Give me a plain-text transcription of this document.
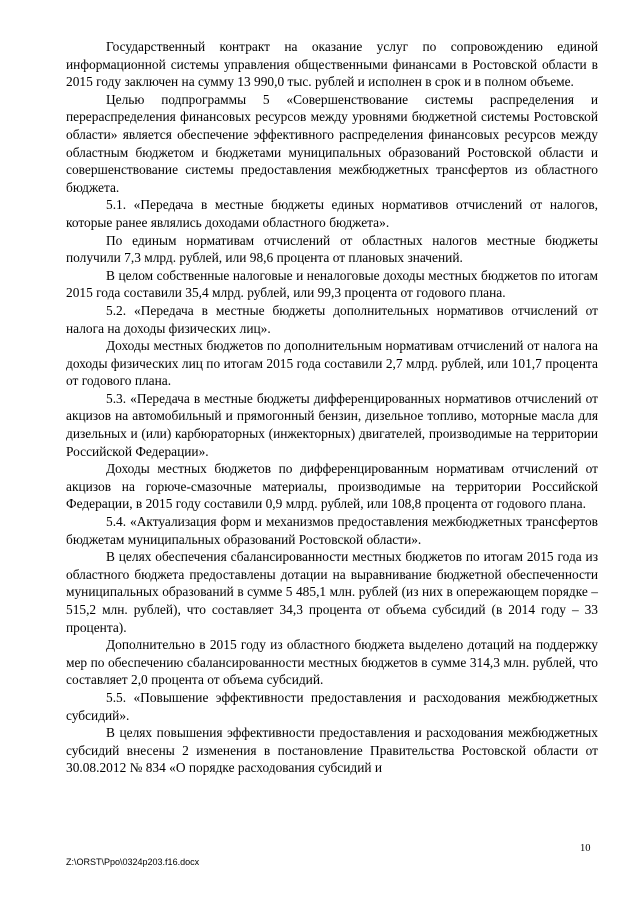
Государственный контракт на оказание услуг по сопровождению единой информационной системы управления общественными финансами в Ростовской области в 2015 году заключен на сумму 13 990,0 тыс. рублей и исполнен в срок и в полном объеме.

Целью подпрограммы 5 «Совершенствование системы распределения и перераспределения финансовых ресурсов между уровнями бюджетной системы Ростовской области» является обеспечение эффективного распределения финансовых ресурсов между областным бюджетом и бюджетами муниципальных образований Ростовской области и совершенствование системы предоставления межбюджетных трансфертов из областного бюджета.

5.1. «Передача в местные бюджеты единых нормативов отчислений от налогов, которые ранее являлись доходами областного бюджета».

По единым нормативам отчислений от областных налогов местные бюджеты получили 7,3 млрд. рублей, или 98,6 процента от плановых значений.

В целом собственные налоговые и неналоговые доходы местных бюджетов по итогам 2015 года составили 35,4 млрд. рублей, или 99,3 процента от годового плана.

5.2. «Передача в местные бюджеты дополнительных нормативов отчислений от налога на доходы физических лиц».

Доходы местных бюджетов по дополнительным нормативам отчислений от налога на доходы физических лиц по итогам 2015 года составили 2,7 млрд. рублей, или 101,7 процента от годового плана.

5.3. «Передача в местные бюджеты дифференцированных нормативов отчислений от акцизов на автомобильный и прямогонный бензин, дизельное топливо, моторные масла для дизельных и (или) карбюраторных (инжекторных) двигателей, производимые на территории Российской Федерации».

Доходы местных бюджетов по дифференцированным нормативам отчислений от акцизов на горюче-смазочные материалы, производимые на территории Российской Федерации, в 2015 году составили 0,9 млрд. рублей, или 108,8 процента от годового плана.

5.4. «Актуализация форм и механизмов предоставления межбюджетных трансфертов бюджетам муниципальных образований Ростовской области».

В целях обеспечения сбалансированности местных бюджетов по итогам 2015 года из областного бюджета предоставлены дотации на выравнивание бюджетной обеспеченности муниципальных образований в сумме 5 485,1 млн. рублей (из них в опережающем порядке – 515,2 млн. рублей), что составляет 34,3 процента от объема субсидий (в 2014 году – 33 процента).

Дополнительно в 2015 году из областного бюджета выделено дотаций на поддержку мер по обеспечению сбалансированности местных бюджетов в сумме 314,3 млн. рублей, что составляет 2,0 процента от объема субсидий.

5.5. «Повышение эффективности предоставления и расходования межбюджетных субсидий».

В целях повышения эффективности предоставления и расходования межбюджетных субсидий внесены 2 изменения в постановление Правительства Ростовской области от 30.08.2012 № 834 «О порядке расходования субсидий и

10
Z:\ORST\Ppo\0324p203.f16.docx
